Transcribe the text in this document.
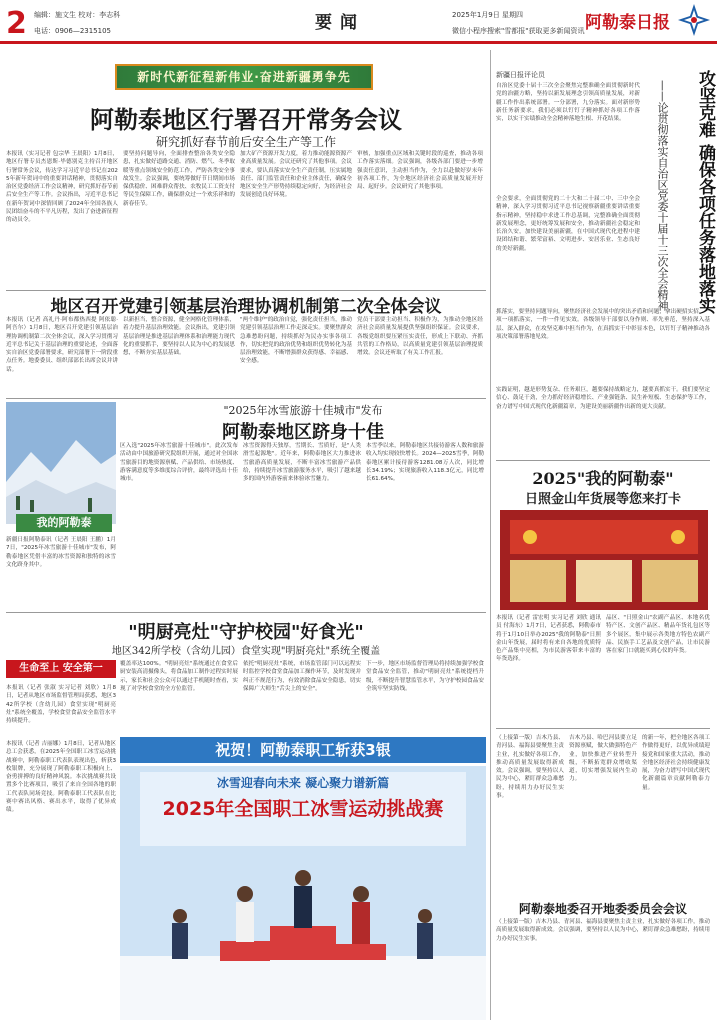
2 编辑：施文生 校对：李志科
电话：0906—2315105	要闻	2025年1月9日 星期四
微信小程序搜索"雪都报"获取更多新闻资讯 阿勒泰日报
新时代新征程新伟业·奋进新疆勇争先
阿勒泰地区行署召开常务会议
研究抓好春节前后安全生产等工作
本报讯（实习记者 包宗华 王晨阳）1月8日，地区行署专员杰恩斯·毕德别克主持召开地区行署常务会议，传达学习习近平总书记在2025年新年贺词中的重要讲话精神，贯彻落实自治区党委经济工作会议精神，研究抓好春节前后安全生产等工作。会议指出，习近平总书记在新年贺词中深情回顾了2024年全国各族人民团结奋斗的不平凡历程，发出了奋进新征程的动员令。
要坚持问题导向，全面排查整治各类安全隐患，扎实做好道路交通、消防、燃气、冬季取暖等重点领域安全防范工作，严防各类安全事故发生。会议强调，要统筹做好节日期间市场保供稳价、困难群众帮扶、农牧民工工资支付等民生保障工作，确保群众过一个欢乐祥和的新春佳节。
加大矿产资源开发力度，着力推动能源资源产业高质量发展。会议还研究了其他事项。会议要求，要认真落实安全生产责任制，压实属地责任、部门监管责任和企业主体责任，确保全地区安全生产形势持续稳定向好，为经济社会发展创造良好环境。
审核，加强重点区域和关键时段的巡查，推动各项工作落实落细。会议强调，各级各部门要进一步增强责任意识，主动担当作为，全力以赴做好岁末年初各项工作，为全地区经济社会高质量发展开好局、起好步。会议研究了其他事项。
地区召开党建引领基层治理协调机制第二次全体会议
本报讯（记者 高礼丹·阿布都热西提 阿依聪·阿吾尔）1月8日，地区召开党建引领基层治理协调机制第二次全体会议，深入学习贯彻习近平总书记关于基层治理的重要论述，全面落实自治区党委部署要求，研究部署下一阶段重点任务。地委委员、组织部部长出席会议并讲话。
以新担当，整合资源，健全网格化管理体系，着力提升基层治理效能。会议指出，党建引领基层治理是推进基层治理体系和治理能力现代化的重要抓手，要坚持以人民为中心的发展思想，不断夯实基层基础。
"两个维护"的政治自觉，强化责任担当，推动党建引领基层治理工作走深走实。要聚焦群众急难愁盼问题，持续抓好为民办实事各项工作，切实把党的政治优势和组织优势转化为基层治理效能，不断增强群众获得感、幸福感、安全感。
党员干部要主动担当、积极作为，为推动全地区经济社会高质量发展提供坚强组织保证。会议要求，各级党组织要压紧压实责任，形成上下联动、齐抓共管的工作格局，以高质量党建引领基层治理提质增效。会议还听取了有关工作汇报。
"2025年冰雪旅游十佳城市"发布
阿勒泰地区跻身十佳
我的阿勒泰
新疆日报阿勒泰讯（记者 王晨阳 王鹏）1月7日，"2025年冰雪旅游十佳城市"发布，阿勒泰地区凭借丰富的冰雪资源和独特的冰雪文化跻身其中。
区入选"2025年冰雪旅游十佳城市"。此次发布活动由中国旅游研究院组织开展，通过对全国冰雪旅游目的地资源禀赋、产品供给、市场热度、游客满意度等多维度综合评价，最终评选出十佳城市。
冰雪资源得天独厚，雪期长、雪质好，是"人类滑雪起源地"。近年来，阿勒泰地区大力推进冰雪旅游高质量发展，不断丰富冰雪旅游产品供给，持续提升冰雪旅游服务水平，吸引了越来越多的国内外游客前来体验冰雪魅力。
本雪季以来，阿勒泰地区共接待游客人数和旅游收入均实现较快增长。2024—2025雪季，阿勒泰地区累计接待游客1281.08万人次，同比增长34.19%；实现旅游收入118.3亿元，同比增长61.64%。
"明厨亮灶"守护校园"好食光"
地区342所学校（含幼儿园）食堂实现"明厨亮灶"系统全覆盖
生命至上 安全第一
本报讯（记者 张淑 实习记者 刘欣）1月8日，记者从地区市场监督管理局获悉，地区342所学校（含幼儿园）食堂实现"明厨亮灶"系统全覆盖，学校食堂食品安全监管水平持续提升。
覆盖率达100%。"明厨亮灶"系统通过在食堂后厨安装高清摄像头，将食品加工制作过程实时展示，家长和社会公众可以通过手机随时查看，实现了对学校食堂的全方位监管。
依托"明厨亮灶"系统，市场监管部门可以远程实时监控学校食堂食品加工操作环节，及时发现并纠正不规范行为，有效消除食品安全隐患，切实保障广大师生"舌尖上的安全"。
下一步，地区市场监督管理局将持续加强学校食堂食品安全监管，推动"明厨亮灶"系统提档升级，不断提升智慧监管水平，为守护校园食品安全筑牢坚实防线。
祝贺！阿勒泰职工斩获3银
冰雪迎春向未来 凝心聚力谱新篇
2025年全国职工冰雪运动挑战赛
本报讯（记者 吉丽娜）1月8日，记者从地区总工会获悉，在2025年全国职工冰雪运动挑战赛中，阿勒泰职工代表队表现出色，斩获3枚银牌，充分展现了阿勒泰职工积极向上、奋勇拼搏的良好精神风貌。本次挑战赛共设置多个比赛项目，吸引了来自全国各地的职工代表队同场竞技。阿勒泰职工代表队在比赛中赛出风格、赛出水平，取得了优异成绩。
新疆日报评论员	攻坚克难 确保各项任务落地落实
——论贯彻落实自治区党委十届十三次全会精神
自治区党委十届十三次全会聚焦完整准确全面贯彻新时代党的治疆方略，坚持以新发展理念引领高质量发展，对新疆工作作出系统部署。一分部署，九分落实。面对新形势新任务新要求，我们必须以钉钉子精神抓好各项工作落实，以实干实绩推动全会精神落地生根、开花结果。
全会要求，全面贯彻党的二十大和二十届二中、三中全会精神，深入学习贯彻习近平总书记视察新疆重要讲话重要指示精神，坚持稳中求进工作总基调，完整准确全面贯彻新发展理念，更好统筹发展和安全，推动新疆社会稳定和长治久安，加快建设美丽新疆，在中国式现代化进程中建设团结和谐、繁荣富裕、文明进步、安居乐业、生态良好的美好新疆。
抓落实，要坚持问题导向，聚焦经济社会发展中的突出矛盾和问题，拿出硬招实招，一项一项抓落实，一件一件见实效。各级领导干部要以身作则、率先垂范，坚持深入基层、深入群众，在攻坚克难中担当作为，在真抓实干中彰显本色，以钉钉子精神推动各项决策部署落地见效。
实践证明，越是形势复杂、任务艰巨，越要保持战略定力，越要真抓实干。我们要坚定信心、鼓足干劲，全力抓好经济稳增长、产业强链条、民生补短板、生态保护等工作，奋力谱写中国式现代化新疆篇章，为建设美丽新疆作出新的更大贡献。
2025"我的阿勒泰"
日照金山年货展等您来打卡
本报讯（记者 雷宏明 实习记者 刘欣 通讯员 付海东）1月7日，记者获悉，阿勒泰市将于1月10日举办2025"我的阿勒泰"日照金山年货展，届时将有来自各地的优质特色产品集中亮相，为市民游客带来丰富的年货选择。
品区、"日照金山"农副产品区、本地名优特产区、文创产品区、精品年货礼包区等多个展区，集中展示各类地方特色农副产品、民族手工艺品及文创产品，让市民游客在家门口就能买到心仪的年货。
（上接第一版）吉木乃县、青河县、福海县要聚焦主责主业，扎实做好各项工作，推动高质量发展取得新成效。会议强调，要坚持以人民为中心，紧盯群众急难愁盼，持续用力办好民生实事。
吉木乃县、哈巴河县要立足资源禀赋，做大做强特色产业，加快推进产业转型升级，不断拓宽群众增收渠道，切实增强发展内生动力。
的新一年，把全地区各项工作做得更好，以优异成绩迎接党和国家重大活动，推动全地区经济社会持续健康发展，为奋力谱写中国式现代化新疆篇章贡献阿勒泰力量。
阿勒泰地委召开地委委员会会议
（上接第一版）吉木乃县、青河县、福海县要聚焦主责主业，扎实做好各项工作，推动高质量发展取得新成效。会议强调，要坚持以人民为中心，紧盯群众急难愁盼，持续用力办好民生实事。
